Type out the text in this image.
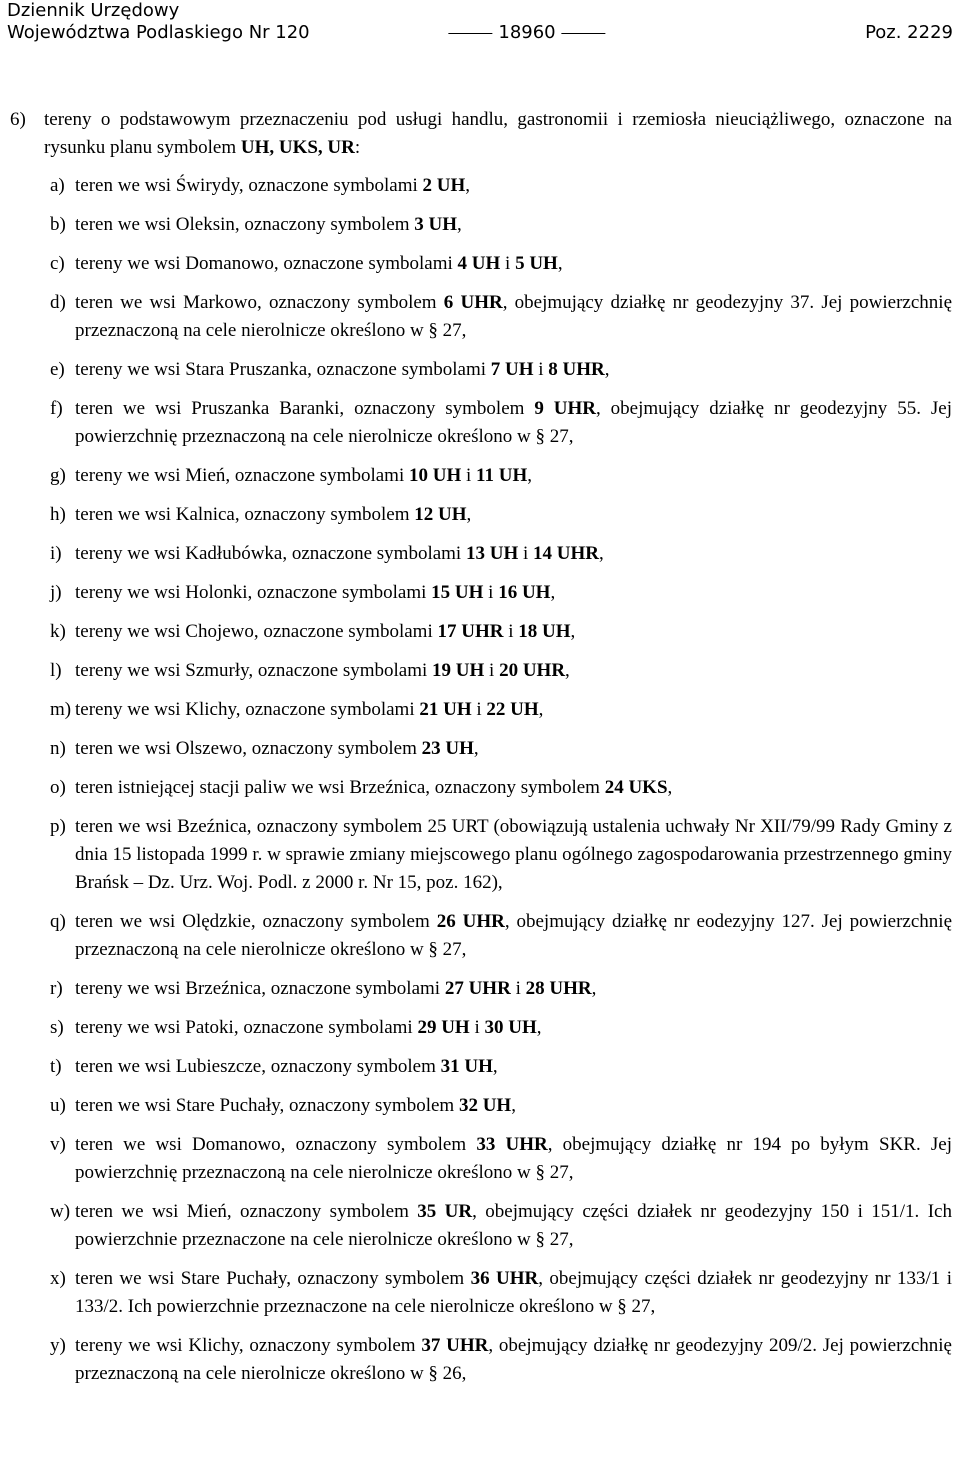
Dziennik Urzędowy
Województwa Podlaskiego Nr 120	18960	Poz. 2229
6) tereny o podstawowym przeznaczeniu pod usługi handlu, gastronomii i rzemiosła nieuciążliwego, oznaczone na rysunku planu symbolem UH, UKS, UR:
a) teren we wsi Świrydy, oznaczone symbolami 2 UH,
b) teren we wsi Oleksin, oznaczony symbolem 3 UH,
c) tereny we wsi Domanowo, oznaczone symbolami 4 UH i 5 UH,
d) teren we wsi Markowo, oznaczony symbolem 6 UHR, obejmujący działkę nr geodezyjny 37. Jej powierzchnię przeznaczoną na cele nierolnicze określono w § 27,
e) tereny we wsi Stara Pruszanka, oznaczone symbolami 7 UH i 8 UHR,
f) teren we wsi Pruszanka Baranki, oznaczony symbolem 9 UHR, obejmujący działkę nr geodezyjny 55. Jej powierzchnię przeznaczoną na cele nierolnicze określono w § 27,
g) tereny we wsi Mień, oznaczone symbolami 10 UH i 11 UH,
h) teren we wsi Kalnica, oznaczony symbolem 12 UH,
i) tereny we wsi Kadłubówka, oznaczone symbolami 13 UH i 14 UHR,
j) tereny we wsi Holonki, oznaczone symbolami 15 UH i 16 UH,
k) tereny we wsi Chojewo, oznaczone symbolami 17 UHR i 18 UH,
l) tereny we wsi Szmurły, oznaczone symbolami 19 UH i 20 UHR,
m) tereny we wsi Klichy, oznaczone symbolami 21 UH i 22 UH,
n) teren we wsi Olszewo, oznaczony symbolem 23 UH,
o) teren istniejącej stacji paliw we wsi Brzeźnica, oznaczony symbolem 24 UKS,
p) teren we wsi Bzeźnica, oznaczony symbolem 25 URT (obowiązują ustalenia uchwały Nr XII/79/99 Rady Gminy z dnia 15 listopada 1999 r. w sprawie zmiany miejscowego planu ogólnego zagospodarowania przestrzennego gminy Brańsk – Dz. Urz. Woj. Podl. z 2000 r. Nr 15, poz. 162),
q) teren we wsi Olędzkie, oznaczony symbolem 26 UHR, obejmujący działkę nr eodezyjny 127. Jej powierzchnię przeznaczoną na cele nierolnicze określono w § 27,
r) tereny we wsi Brzeźnica, oznaczone symbolami 27 UHR i 28 UHR,
s) tereny we wsi Patoki, oznaczone symbolami 29 UH i 30 UH,
t) teren we wsi Lubieszcze, oznaczony symbolem 31 UH,
u) teren we wsi Stare Puchały, oznaczony symbolem 32 UH,
v) teren we wsi Domanowo, oznaczony symbolem 33 UHR, obejmujący działkę nr 194 po byłym SKR. Jej powierzchnię przeznaczoną na cele nierolnicze określono w § 27,
w) teren we wsi Mień, oznaczony symbolem 35 UR, obejmujący części działek nr geodezyjny 150 i 151/1. Ich powierzchnie przeznaczone na cele nierolnicze określono w § 27,
x) teren we wsi Stare Puchały, oznaczony symbolem 36 UHR, obejmujący części działek nr geodezyjny nr 133/1 i 133/2. Ich powierzchnie przeznaczone na cele nierolnicze określono w § 27,
y) tereny we wsi Klichy, oznaczony symbolem 37 UHR, obejmujący działkę nr geodezyjny 209/2. Jej powierzchnię przeznaczoną na cele nierolnicze określono w § 26,
